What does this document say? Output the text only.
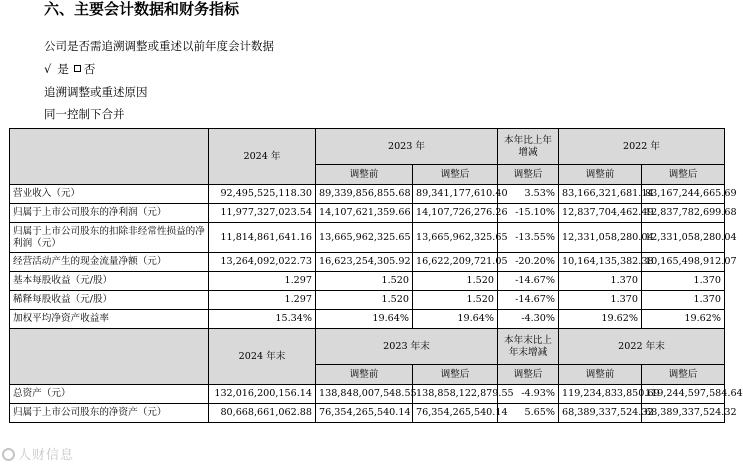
六、主要会计数据和财务指标
公司是否需追溯调整或重述以前年度会计数据
√ 是 否
追溯调整或重述原因
同一控制下合并
	2024 年	2023 年		本年比上年增减	2022 年	
		调整前	调整后	调整后	调整前	调整后
营业收入（元）	92,495,525,118.30	89,339,856,855.68	89,341,177,610.40	3.53%	83,166,321,681.14	83,167,244,665.69
归属于上市公司股东的净利润（元）	11,977,327,023.54	14,107,621,359.66	14,107,726,276.26	-15.10%	12,837,704,462.49	12,837,782,699.68
归属于上市公司股东的扣除非经常性损益的净利润（元）	11,814,861,641.16	13,665,962,325.65	13,665,962,325.65	-13.55%	12,331,058,280.04	12,331,058,280.04
经营活动产生的现金流量净额（元）	13,264,092,022.73	16,623,254,305.92	16,622,209,721.05	-20.20%	10,164,135,382.38	10,165,498,912.07
基本每股收益（元/股）	1.297	1.520	1.520	-14.67%	1.370	1.370
稀释每股收益（元/股）	1.297	1.520	1.520	-14.67%	1.370	1.370
加权平均净资产收益率	15.34%	19.64%	19.64%	-4.30%	19.62%	19.62%
	2024 年末	2023 年末		本年末比上年末增减	2022 年末	
		调整前	调整后	调整后	调整前	调整后
总资产（元）	132,016,200,156.14	138,848,007,548.55	138,858,122,879.55	-4.93%	119,234,833,850.69	119,244,597,584.64
归属于上市公司股东的净资产（元）	80,668,661,062.88	76,354,265,540.14	76,354,265,540.14	5.65%	68,389,337,524.32	68,389,337,524.32
人财信息
